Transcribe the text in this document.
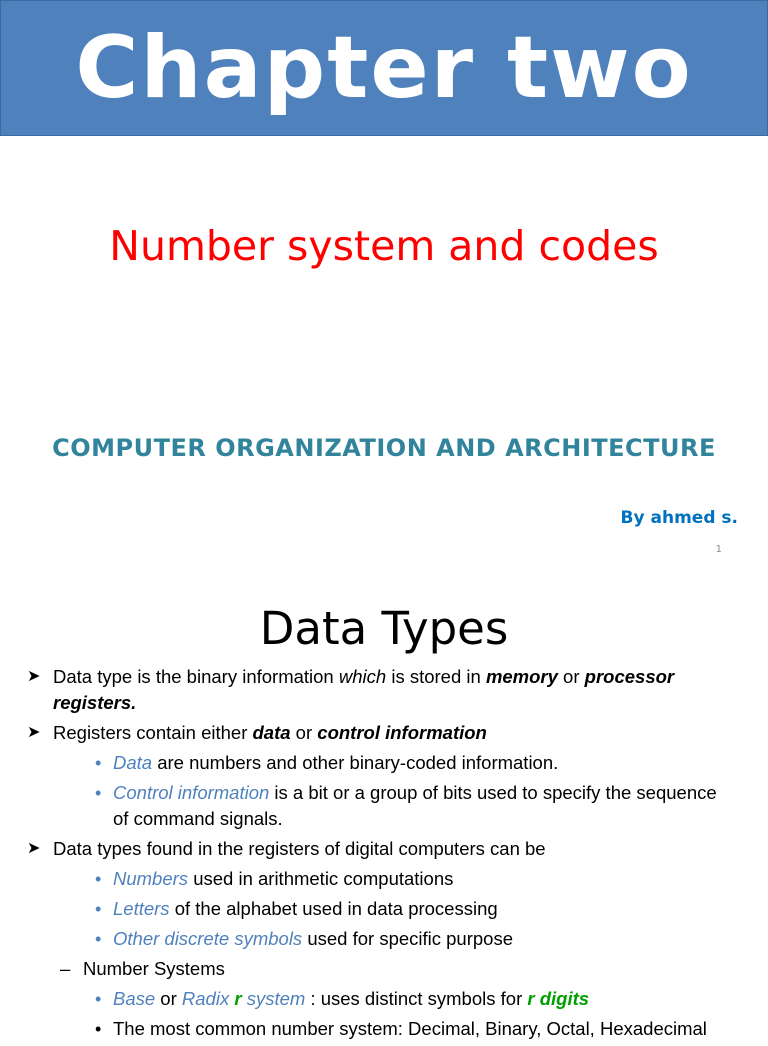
Chapter two
Number system and codes
COMPUTER ORGANIZATION AND ARCHITECTURE
By ahmed s.
1
Data Types
➤ Data type is the binary information which is stored in memory or processor registers.
➤ Registers contain either data or control information
• Data are numbers and other binary-coded information.
• Control information is a bit or a group of bits used to specify the sequence of command signals.
➤ Data types found in the registers of digital computers can be
• Numbers used in arithmetic computations
• Letters of the alphabet used in data processing
• Other discrete symbols used for specific purpose
– Number Systems
• Base or Radix r system : uses distinct symbols for r digits
• The most common number system: Decimal, Binary, Octal, Hexadecimal
